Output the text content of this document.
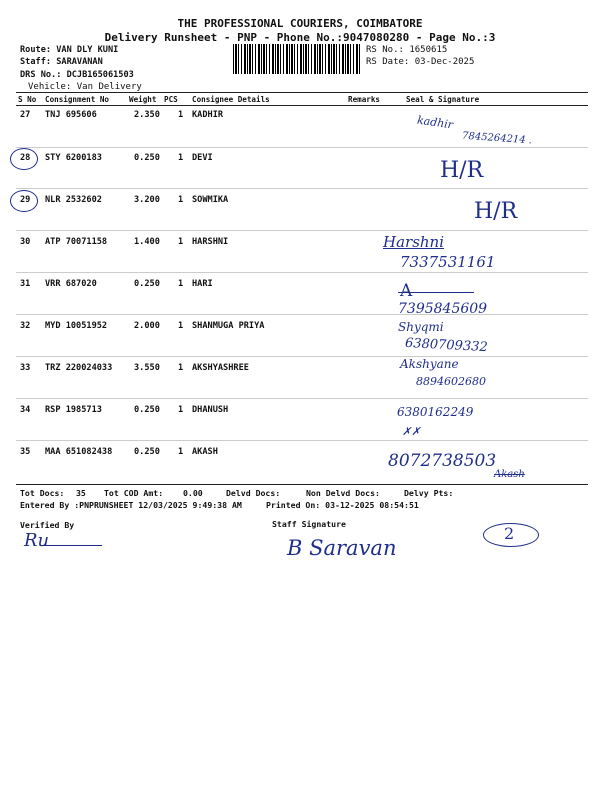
THE PROFESSIONAL COURIERS, COIMBATORE
Delivery Runsheet - PNP - Phone No.:9047080280 - Page No.:3
Route: VAN DLY KUNI
Staff: SARAVANAN
DRS No.: DCJB165061503
Vehicle: Van Delivery
RS No.: 1650615
RS Date: 03-Dec-2025
S No Consignment No	Weight PCS Consignee Details	Remarks	Seal & Signature
27 TNJ 695606	2.350 1 KADHIR	kadhir
7845264214 .
28 STY 6200183	0.250 1 DEVI	H/R
29 NLR 2532602	3.200 1 SOWMIKA	H/R
30 ATP 70071158	1.400 1 HARSHNI	Harshni
7337531161
31 VRR 687020	0.250 1 HARI	A
7395845609
32 MYD 10051952	2.000 1 SHANMUGA PRIYA	Shyqmi
6380709332
33 TRZ 220024033	3.550 1 AKSHYASHREE	Akshyane
8894602680
34 RSP 1985713	0.250 1 DHANUSH	6380162249
✗✗
35 MAA 651082438	0.250 1 AKASH	8072738503
Akash
Tot Docs: 35 Tot COD Amt: 0.00	Delvd Docs:	Non Delvd Docs:	Delvy Pts:
Entered By :PNPRUNSHEET 12/03/2025 9:49:38 AM	Printed On: 03-12-2025 08:54:51
Verified By	Staff Signature
Ru	B Saravan
2
